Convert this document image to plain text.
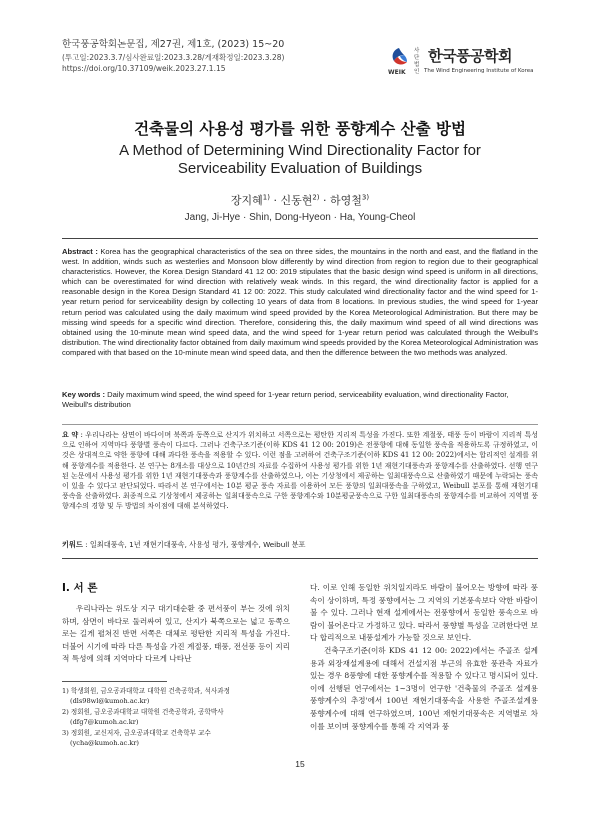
한국풍공학회논문집, 제27권, 제1호, (2023) 15~20
(투고일:2023.3.7/심사완료일:2023.3.28/게재확정일:2023.3.28)
https://doi.org/10.37109/weik.2023.27.1.15	WEIK
사단법인
한국풍공학회
The Wind Engineering Institute of Korea
건축물의 사용성 평가를 위한 풍향계수 산출 방법
A Method of Determining Wind Directionality Factor for Serviceability Evaluation of Buildings
장지혜$^{1)}$ · 신동현$^{2)}$ · 하영철$^{3)}$
Jang, Ji-Hye · Shin, Dong-Hyeon · Ha, Young-Cheol
Abstract : Korea has the geographical characteristics of the sea on three sides, the mountains in the north and east, and the flatland in the west. In addition, winds such as westerlies and Monsoon blow differently by wind direction from region to region due to their geographical characteristics. However, the Korea Design Standard 41 12 00: 2019 stipulates that the basic design wind speed is uniform in all directions, which can be overestimated for wind direction with relatively weak winds. In this regard, the wind directionality factor is applied for a reasonable design in the Korea Design Standard 41 12 00: 2022. This study calculated wind directionality factor and the wind speed for 1-year return period for serviceability design by collecting 10 years of data from 8 locations. In previous studies, the wind speed for 1-year return period was calculated using the daily maximum wind speed provided by the Korea Meteorological Administration. But there may be missing wind speeds for a specific wind direction. Therefore, considering this, the daily maximum wind speed of all wind directions was obtained using the 10-minute mean wind speed data, and the wind speed for 1-year return period was calculated through the Weibull's distribution. The wind directionality factor obtained from daily maximum wind speeds provided by the Korea Meteorological Administration was compared with that based on the 10-minute mean wind speed data, and then the difference between the two methods was analyzed.
Key words : Daily maximum wind speed, the wind speed for 1-year return period, serviceability evaluation, wind directionality Factor, Weibull's distribution
요 약 : 우리나라는 삼면이 바다이며 북쪽과 동쪽으로 산지가 위치하고 서쪽으로는 평탄한 지리적 특성을 가진다. 또한 계절풍, 태풍 등이 바람이 지리적 특성으로 인하여 지역마다 풍향별 풍속이 다르다. 그러나 건축구조기준(이하 KDS 41 12 00: 2019)은 전풍향에 대해 동일한 풍속을 적용하도록 규정하였고, 이것은 상대적으로 약한 풍향에 대해 과다한 풍속을 적용할 수 있다. 이런 점을 고려하여 건축구조기준(이하 KDS 41 12 00: 2022)에서는 합리적인 설계를 위해 풍향계수를 적용한다. 본 연구는 8개소를 대상으로 10년간의 자료를 수집하여 사용성 평가를 위한 1년 재현기대풍속과 풍향계수를 산출하였다. 선행 연구된 논문에서 사용성 평가를 위한 1년 재현기대풍속과 풍향계수를 산출하였으나, 이는 기상청에서 제공하는 일최대풍속으로 산출하였기 때문에 누락되는 풍속이 있을 수 있다고 판단되었다. 따라서 본 연구에서는 10분 평균 풍속 자료를 이용하여 모든 풍향의 일최대풍속을 구하였고, Weibull 분포를 통해 재현기대풍속을 산출하였다. 최종적으로 기상청에서 제공하는 일최대풍속으로 구한 풍향계수와 10분평균풍속으로 구한 일최대풍속의 풍향계수를 비교하여 지역별 풍향계수의 경향 및 두 방법의 차이점에 대해 분석하였다.
키워드 : 일최대풍속, 1년 재현기대풍속, 사용성 평가, 풍향계수, Weibull 분포
I. 서 론

우리나라는 위도상 지구 대기대순환 중 편서풍이 부는 것에 위치하며, 삼면이 바다로 둘러싸여 있고, 산지가 북쪽으로는 넓고 동쪽으로는 길게 펼쳐진 반면 서쪽은 대체로 평탄한 지리적 특성을 가진다. 더불어 시기에 따라 다른 특성을 가진 계절풍, 태풍, 전선풍 등이 지리적 특성에 의해 지역마다 다르게 나타난

다. 이로 인해 동일한 위치일지라도 바람이 불어오는 방향에 따라 풍속이 상이하며, 특정 풍향에서는 그 지역의 기본풍속보다 약한 바람이 불 수 있다. 그러나 현재 설계에서는 전풍향에서 동일한 풍속으로 바람이 불어온다고 가정하고 있다. 따라서 풍향별 특성을 고려한다면 보다 합리적으로 내풍설계가 가능할 것으로 보인다.

건축구조기준(이하 KDS 41 12 00: 2022)에서는 주골조 설계용과 외장재설계용에 대해서 건설지점 부근의 유효한 풍관측 자료가 있는 경우 8풍향에 대한 풍향계수를 적용할 수 있다고 명시되어 있다. 이에 선행된 연구에서는 1~3명이 연구한 '건축물의 주골조 설계용 풍향계수의 추정'에서 100년 재현기대풍속을 사용한 주골조설계용 풍향계수에 대해 연구하였으며, 100년 재현기대풍속은 지역별로 차이를 보이며 풍향계수를 통해 각 지역과 풍

1) 학생회원, 금오공과대학교 대학원 건축공학과, 석사과정
(dls98wl@kumoh.ac.kr)
2) 정회원, 금오공과대학교 대학원 건축공학과, 공학박사
(dfg7@kumoh.ac.kr)
3) 정회원, 교신저자, 금오공과대학교 건축학부 교수
(ycha@kumoh.ac.kr)
15
